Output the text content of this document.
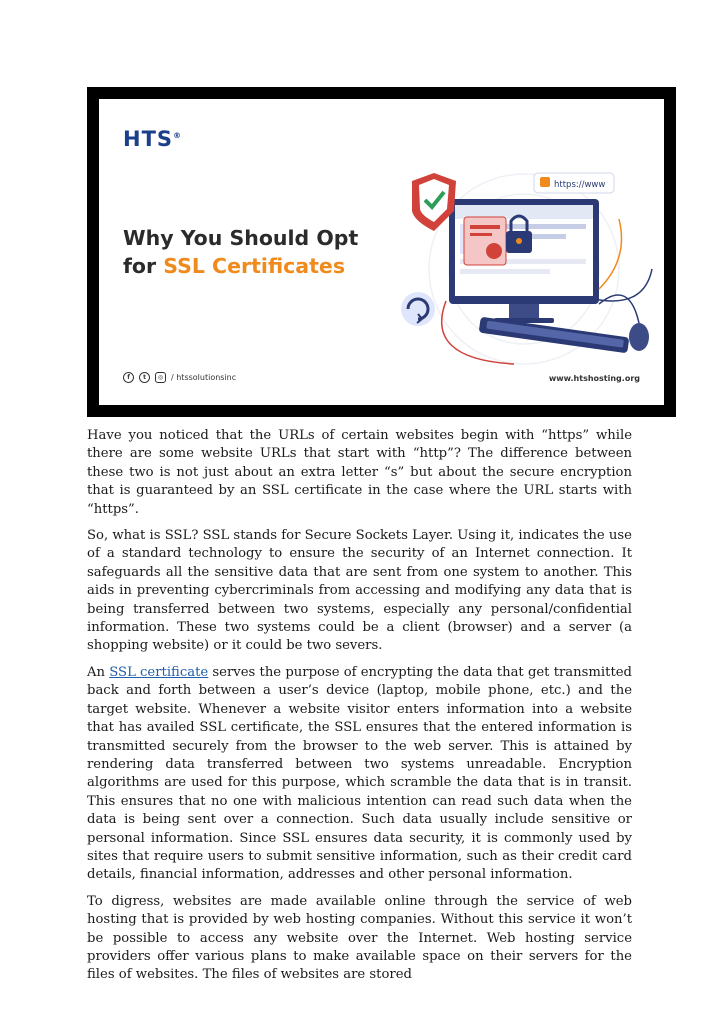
HTS®
Why You Should Opt
for SSL Certificates
https://www
f	t	◎ / htssolutionsinc	www.htshosting.org

Have you noticed that the URLs of certain websites begin with “https” while there are some website URLs that start with “http”? The difference between these two is not just about an extra letter “s” but about the secure encryption that is guaranteed by an SSL certificate in the case where the URL starts with “https”.

So, what is SSL? SSL stands for Secure Sockets Layer. Using it, indicates the use of a standard technology to ensure the security of an Internet connection. It safeguards all the sensitive data that are sent from one system to another. This aids in preventing cybercriminals from accessing and modifying any data that is being transferred between two systems, especially any personal/confidential information. These two systems could be a client (browser) and a server (a shopping website) or it could be two severs.

An SSL certificate serves the purpose of encrypting the data that get transmitted back and forth between a user’s device (laptop, mobile phone, etc.) and the target website. Whenever a website visitor enters information into a website that has availed SSL certificate, the SSL ensures that the entered information is transmitted securely from the browser to the web server. This is attained by rendering data transferred between two systems unreadable. Encryption algorithms are used for this purpose, which scramble the data that is in transit. This ensures that no one with malicious intention can read such data when the data is being sent over a connection. Such data usually include sensitive or personal information. Since SSL ensures data security, it is commonly used by sites that require users to submit sensitive information, such as their credit card details, financial information, addresses and other personal information.

To digress, websites are made available online through the service of web hosting that is provided by web hosting companies. Without this service it won’t be possible to access any website over the Internet. Web hosting service providers offer various plans to make available space on their servers for the files of websites. The files of websites are stored
